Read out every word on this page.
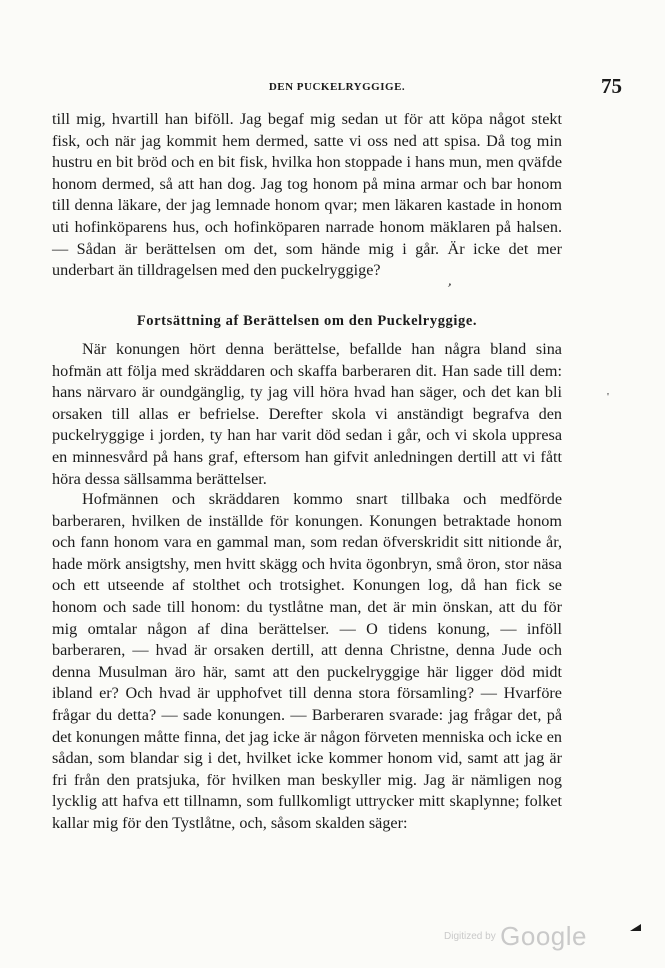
DEN PUCKELRYGGIGE.	75

till mig, hvartill han biföll. Jag begaf mig sedan ut för att köpa något stekt fisk, och när jag kommit hem dermed, satte vi oss ned att spisa. Då tog min hustru en bit bröd och en bit fisk, hvilka hon stoppade i hans mun, men qväfde honom dermed, så att han dog. Jag tog honom på mina armar och bar honom till denna läkare, der jag lemnade honom qvar; men läkaren kastade in honom uti hofinköparens hus, och hofinköparen narrade honom mäklaren på halsen. — Sådan är berättelsen om det, som hände mig i går. Är icke det mer underbart än tilldragelsen med den puckelryggige?

,
Fortsättning af Berättelsen om den Puckelryggige.

När konungen hört denna berättelse, befallde han några bland sina hofmän att följa med skräddaren och skaffa barberaren dit. Han sade till dem: hans närvaro är oundgänglig, ty jag vill höra hvad han säger, och det kan bli orsaken till allas er befrielse. Derefter skola vi anständigt begrafva den puckelryggige i jorden, ty han har varit död sedan i går, och vi skola uppresa en minnesvård på hans graf, eftersom han gifvit anledningen dertill att vi fått höra dessa sällsamma berättelser.

'

Hofmännen och skräddaren kommo snart tillbaka och medförde barberaren, hvilken de inställde för konungen. Konungen betraktade honom och fann honom vara en gammal man, som redan öfverskridit sitt nitionde år, hade mörk ansigtshy, men hvitt skägg och hvita ögonbryn, små öron, stor näsa och ett utseende af stolthet och trotsighet. Konungen log, då han fick se honom och sade till honom: du tystlåtne man, det är min önskan, att du för mig omtalar någon af dina berättelser. — O tidens konung, — inföll barberaren, — hvad är orsaken dertill, att denna Christne, denna Jude och denna Musulman äro här, samt att den puckelryggige här ligger död midt ibland er? Och hvad är upphofvet till denna stora församling? — Hvarföre frågar du detta? — sade konungen. — Barberaren svarade: jag frågar det, på det konungen måtte finna, det jag icke är någon förveten menniska och icke en sådan, som blandar sig i det, hvilket icke kommer honom vid, samt att jag är fri från den pratsjuka, för hvilken man beskyller mig. Jag är nämligen nog lycklig att hafva ett tillnamn, som fullkomligt uttrycker mitt skaplynne; folket kallar mig för den Tystlåtne, och, såsom skalden säger:

Digitized by Google
